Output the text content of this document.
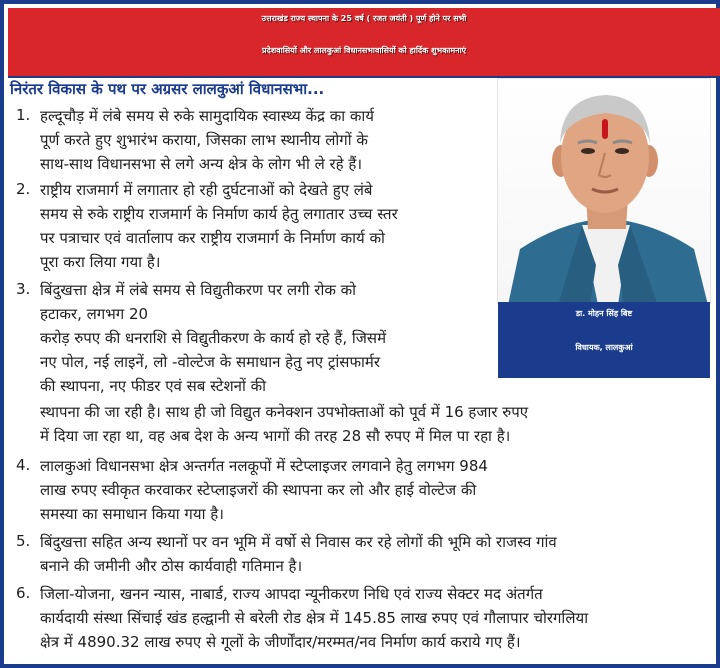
उत्तराखंड राज्य स्थापना के 25 वर्ष ( रजत जयंती ) पूर्ण होने पर सभी
प्रदेशवासियों और लालकुआं विधानसभावासियों को हार्दिक शुभकामनाएं
निरंतर विकास के पथ पर अग्रसर लालकुआं विधानसभा...
डा. मोहन सिंह बिष्ट
विधायक, लालकुआं
1. हल्दूचौड़ में लंबे समय से रुके सामुदायिक स्वास्थ्य केंद्र का कार्य
पूर्ण करते हुए शुभारंभ कराया, जिसका लाभ स्थानीय लोगों के
साथ-साथ विधानसभा से लगे अन्य क्षेत्र के लोग भी ले रहे हैं।
2. राष्ट्रीय राजमार्ग में लगातार हो रही दुर्घटनाओं को देखते हुए लंबे
समय से रुके राष्ट्रीय राजमार्ग के निर्माण कार्य हेतु लगातार उच्च स्तर
पर पत्राचार एवं वार्तालाप कर राष्ट्रीय राजमार्ग के निर्माण कार्य को
पूरा करा लिया गया है।
3. बिंदुखत्ता क्षेत्र में लंबे समय से विद्युतीकरण पर लगी रोक को
हटाकर, लगभग 20
करोड़ रुपए की धनराशि से विद्युतीकरण के कार्य हो रहे हैं, जिसमें
नए पोल, नई लाइनें, लो -वोल्टेज के समाधान हेतु नए ट्रांसफार्मर
की स्थापना, नए फीडर एवं सब स्टेशनों की
स्थापना की जा रही है। साथ ही जो विद्युत कनेक्शन उपभोक्ताओं को पूर्व में 16 हजार रुपए
में दिया जा रहा था, वह अब देश के अन्य भागों की तरह 28 सौ रुपए में मिल पा रहा है।
4. लालकुआं विधानसभा क्षेत्र अन्तर्गत नलकूपों में स्टेप्लाइजर लगवाने हेतु लगभग 984
लाख रुपए स्वीकृत करवाकर स्टेप्लाइजरों की स्थापना कर लो और हाई वोल्टेज की
समस्या का समाधान किया गया है।
5. बिंदुखत्ता सहित अन्य स्थानों पर वन भूमि में वर्षो से निवास कर रहे लोगों की भूमि को राजस्व गांव
बनाने की जमीनी और ठोस कार्यवाही गतिमान है।
6. जिला-योजना, खनन न्यास, नाबार्ड, राज्य आपदा न्यूनीकरण निधि एवं राज्य सेक्टर मद अंतर्गत
कार्यदायी संस्था सिंचाई खंड हल्द्वानी से बरेली रोड क्षेत्र में 145.85 लाख रुपए एवं गौलापार चोरगलिया
क्षेत्र में 4890.32 लाख रुपए से गूलों के जीर्णोंदार/मरम्मत/नव निर्माण कार्य कराये गए हैं।
